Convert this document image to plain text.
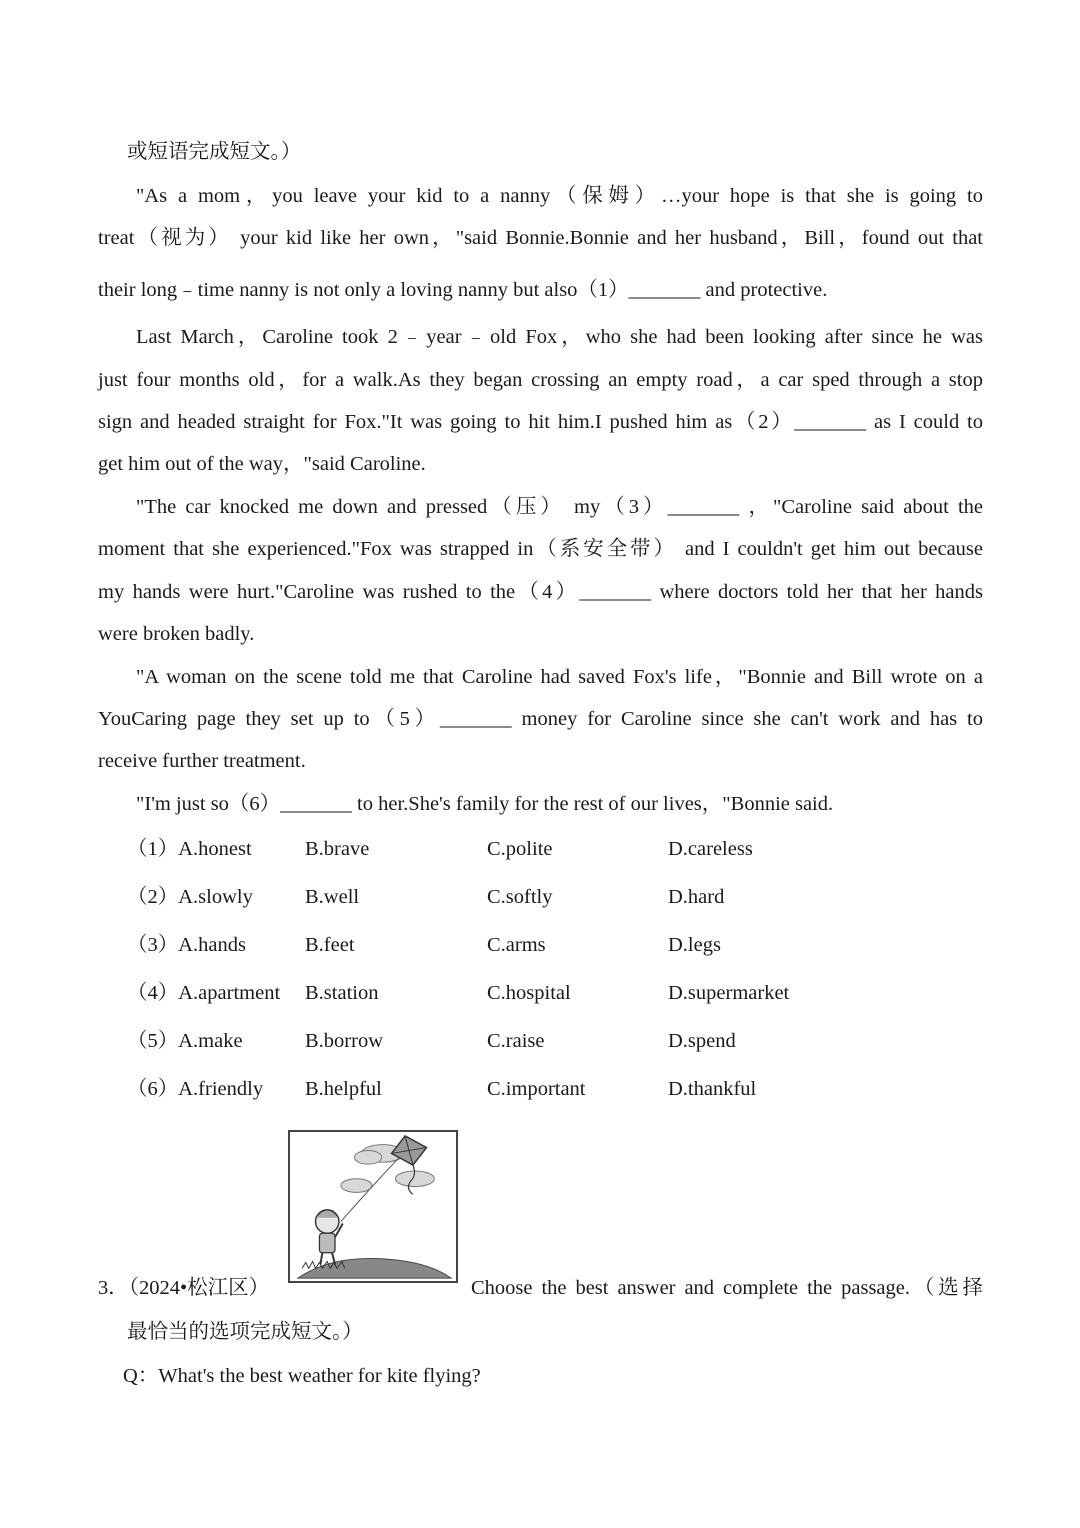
或短语完成短文。）
"As a mom，you leave your kid to a nanny（保姆）…your hope is that she is going to
treat（视为） your kid like her own，"said Bonnie.Bonnie and her husband，Bill，found out that
their long﹣time nanny is not only a loving nanny but also（1）_______ and protective.
Last March，Caroline took 2﹣year﹣old Fox，who she had been looking after since he was
just four months old，for a walk.As they began crossing an empty road，a car sped through a stop
sign and headed straight for Fox."It was going to hit him.I pushed him as（2）_______ as I could to
get him out of the way，"said Caroline.
"The car knocked me down and pressed（压） my（3）_______ ，"Caroline said about the
moment that she experienced."Fox was strapped in（系安全带） and I couldn't get him out because
my hands were hurt."Caroline was rushed to the（4）_______ where doctors told her that her hands
were broken badly.
"A woman on the scene told me that Caroline had saved Fox's life，"Bonnie and Bill wrote on a
YouCaring page they set up to（5）_______ money for Caroline since she can't work and has to
receive further treatment.
"I'm just so（6）_______ to her.She's family for the rest of our lives，"Bonnie said.
（1）A.honest	B.brave	C.polite	D.careless
（2）A.slowly	B.well	C.softly	D.hard
（3）A.hands	B.feet	C.arms	D.legs
（4）A.apartment B.station	C.hospital	D.supermarket
（5）A.make	B.borrow	C.raise	D.spend
（6）A.friendly B.helpful	C.important	D.thankful
3．（2024•松江区）	Choose the best answer and complete the passage.（选择
最恰当的选项完成短文。）
Q：What's the best weather for kite flying?
